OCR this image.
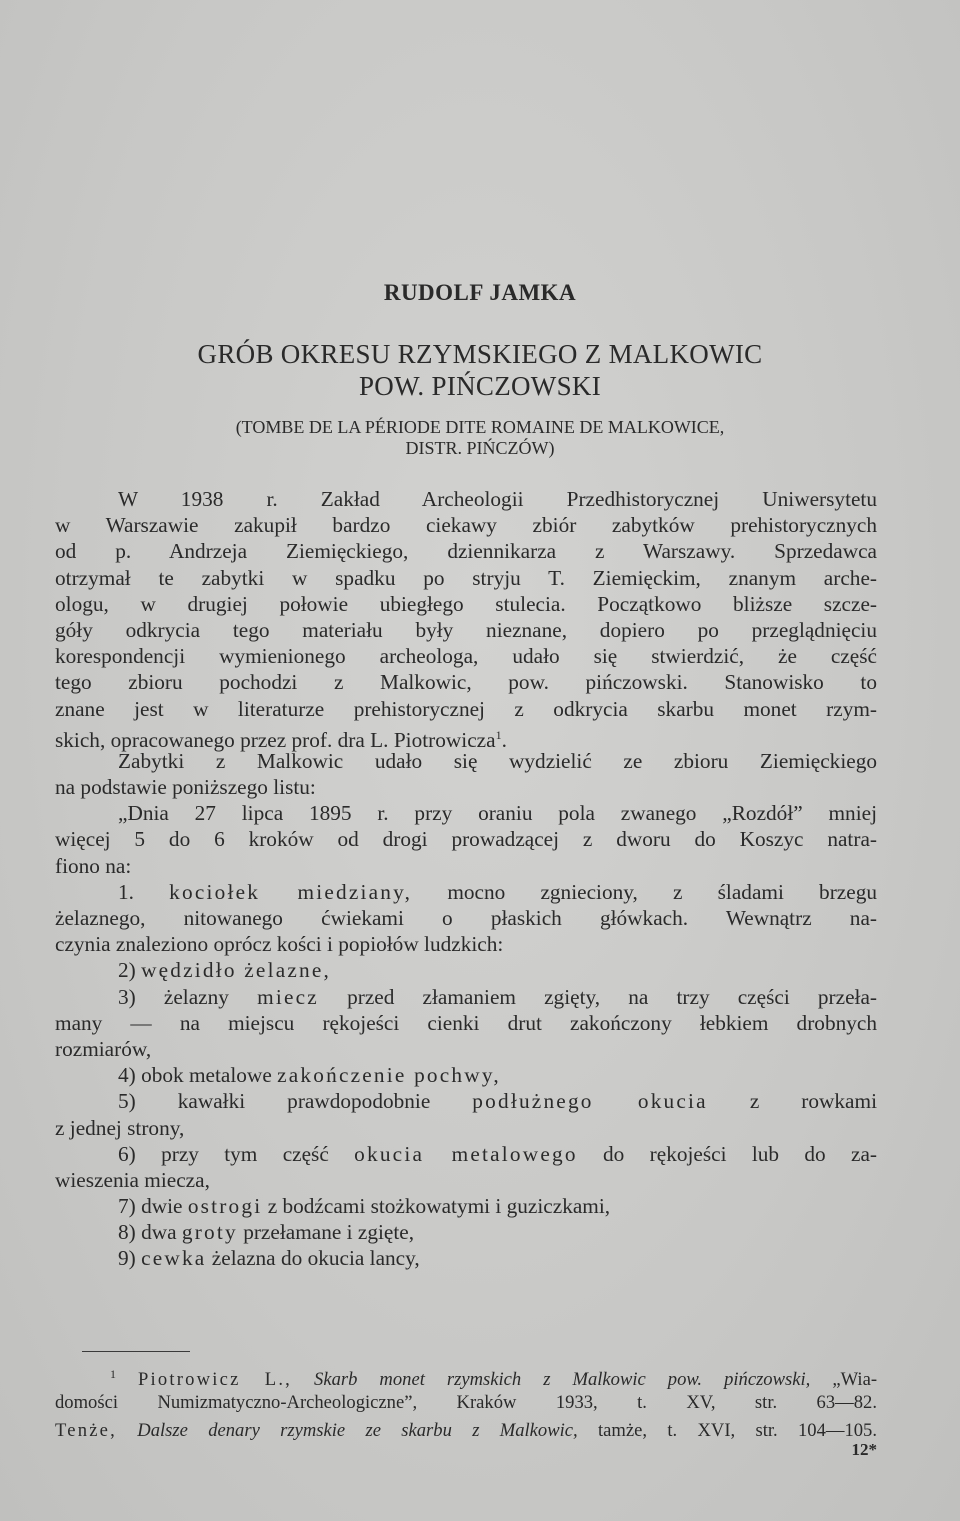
RUDOLF JAMKA
GRÓB OKRESU RZYMSKIEGO Z MALKOWIC
POW. PIŃCZOWSKI
(TOMBE DE LA PÉRIODE DITE ROMAINE DE MALKOWICE,
DISTR. PIŃCZÓW)
W 1938 r. Zakład Archeologii Przedhistorycznej Uniwersytetu
w Warszawie zakupił bardzo ciekawy zbiór zabytków prehistorycznych
od p. Andrzeja Ziemięckiego, dziennikarza z Warszawy. Sprzedawca
otrzymał te zabytki w spadku po stryju T. Ziemięckim, znanym arche-
ologu, w drugiej połowie ubiegłego stulecia. Początkowo bliższe szcze-
góły odkrycia tego materiału były nieznane, dopiero po przeglądnięciu
korespondencji wymienionego archeologa, udało się stwierdzić, że część
tego zbioru pochodzi z Malkowic, pow. pińczowski. Stanowisko to
znane jest w literaturze prehistorycznej z odkrycia skarbu monet rzym-
skich, opracowanego przez prof. dra L. Piotrowicza$^1$.
Zabytki z Malkowic udało się wydzielić ze zbioru Ziemięckiego
na podstawie poniższego listu:
„Dnia 27 lipca 1895 r. przy oraniu pola zwanego „Rozdół” mniej
więcej 5 do 6 kroków od drogi prowadzącej z dworu do Koszyc natra-
fiono na:
1. kociołek miedziany, mocno zgnieciony, z śladami brzegu
żelaznego, nitowanego ćwiekami o płaskich główkach. Wewnątrz na-
czynia znaleziono oprócz kości i popiołów ludzkich:
2) wędzidło żelazne,
3) żelazny miecz przed złamaniem zgięty, na trzy części przeła-
many — na miejscu rękojeści cienki drut zakończony łebkiem drobnych
rozmiarów,
4) obok metalowe zakończenie pochwy,
5) kawałki prawdopodobnie podłużnego okucia z rowkami
z jednej strony,
6) przy tym część okucia metalowego do rękojeści lub do za-
wieszenia miecza,
7) dwie ostrogi z bodźcami stożkowatymi i guziczkami,
8) dwa groty przełamane i zgięte,
9) cewka żelazna do okucia lancy,
$^1$ Piotrowicz L., Skarb monet rzymskich z Malkowic pow. pińczowski, „Wia-
domości Numizmatyczno-Archeologiczne”, Kraków 1933, t. XV, str. 63—82.
Tenże, Dalsze denary rzymskie ze skarbu z Malkowic, tamże, t. XVI, str. 104—105.
12*
